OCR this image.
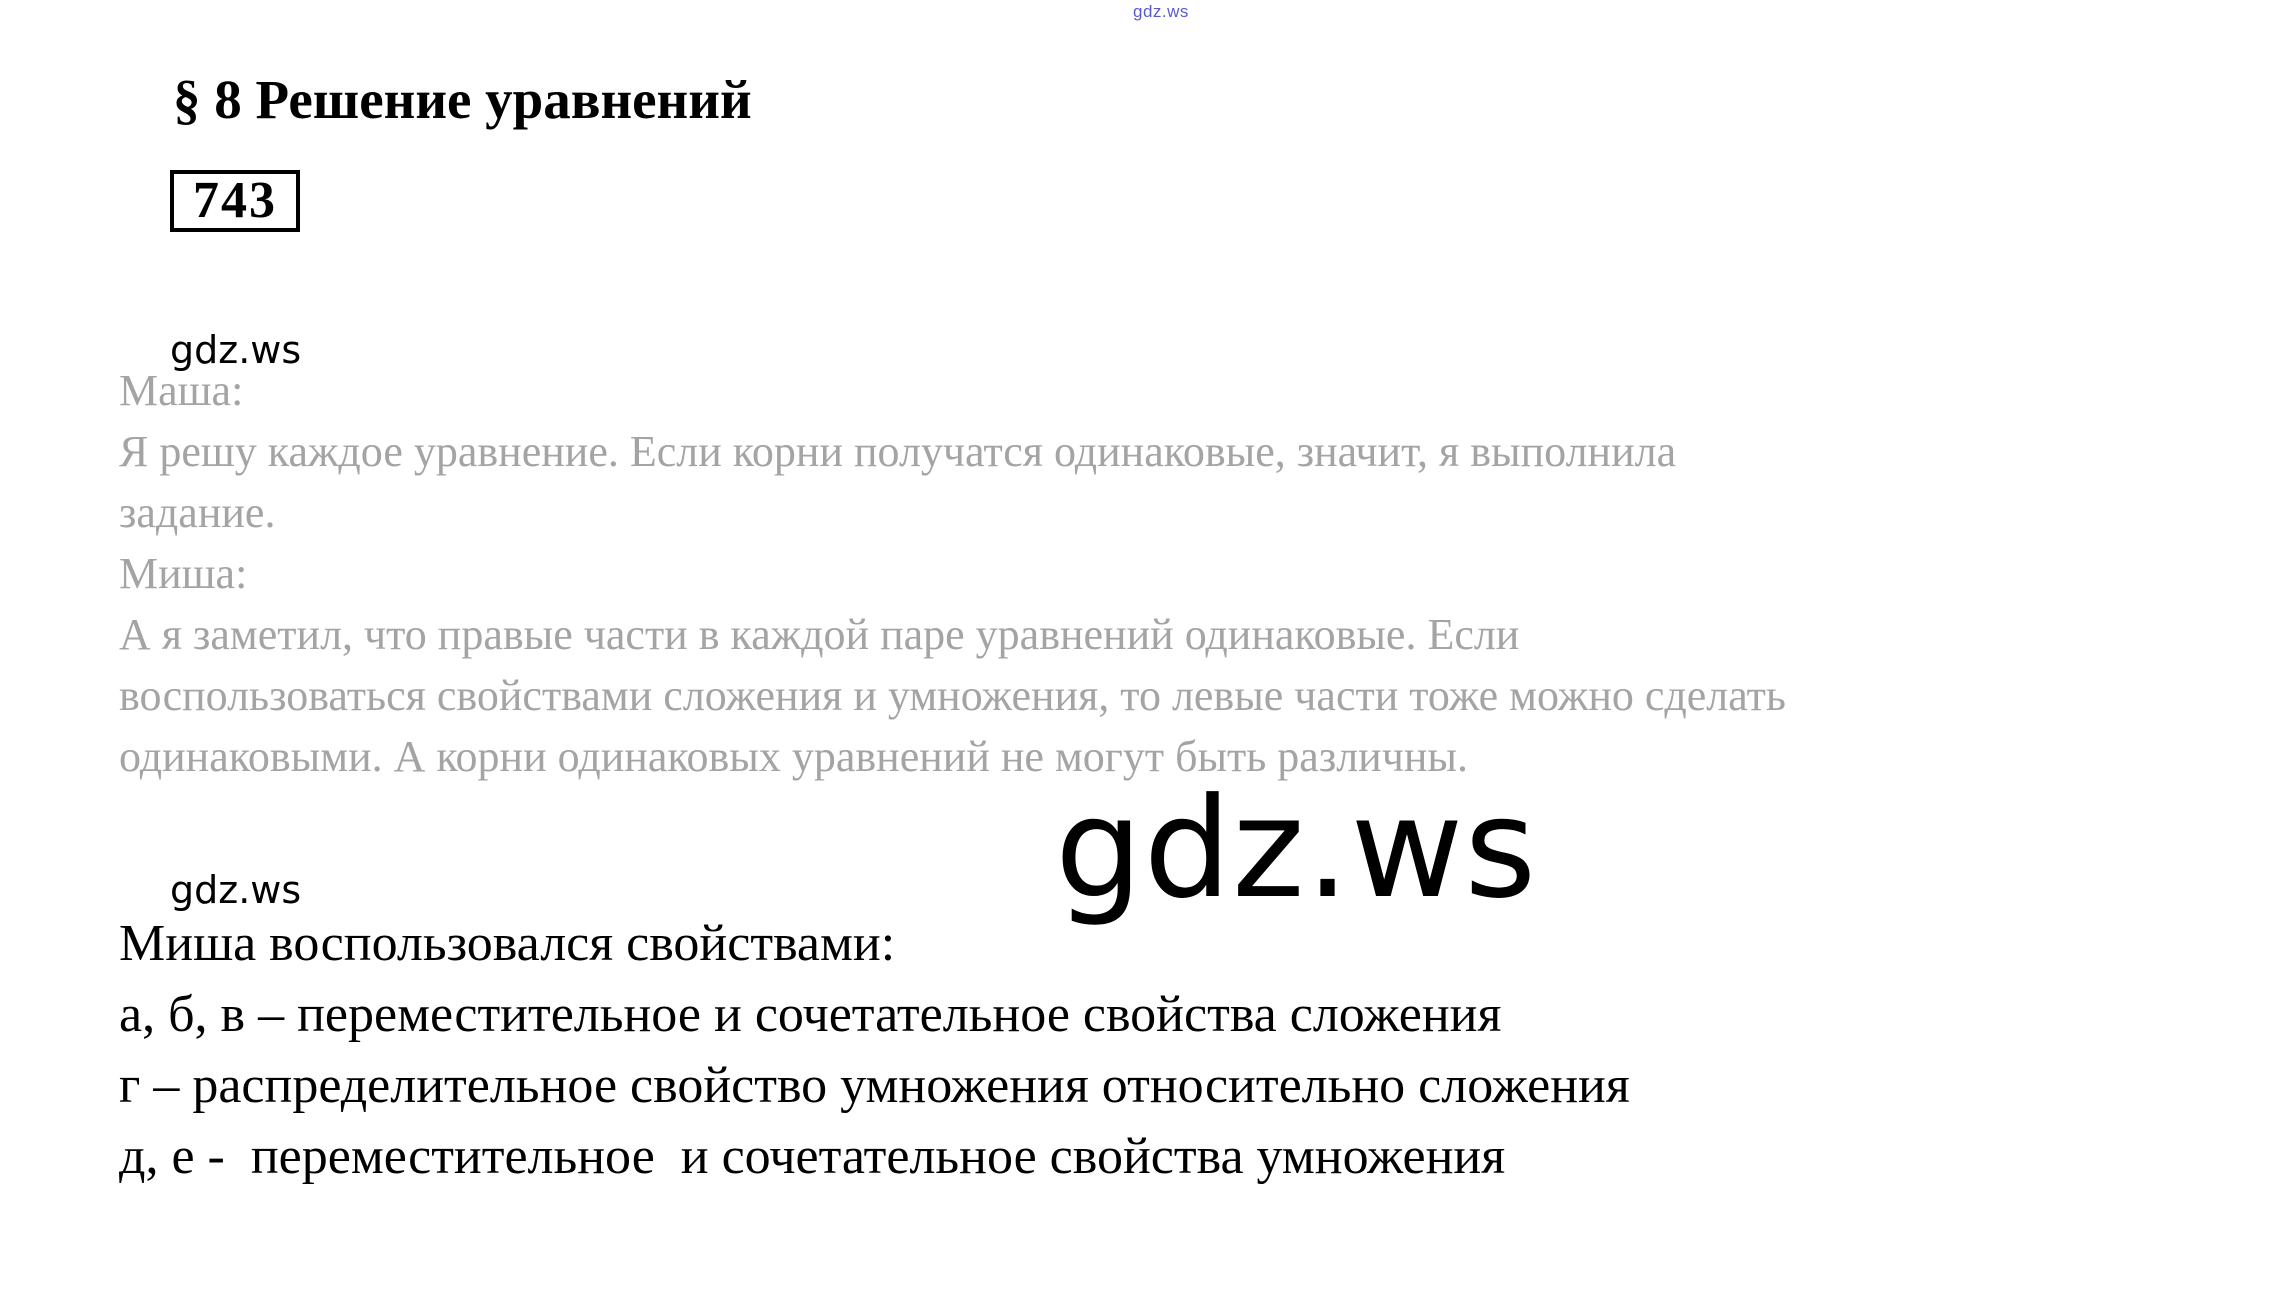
gdz.ws
§ 8 Решение уравнений
743
gdz.ws
Маша:
Я решу каждое уравнение. Если корни получатся одинаковые, значит, я выполнила
задание.
Миша:
А я заметил, что правые части в каждой паре уравнений одинаковые. Если
воспользоваться свойствами сложения и умножения, то левые части тоже можно сделать
одинаковыми. А корни одинаковых уравнений не могут быть различны.
gdz.ws
gdz.ws
Миша воспользовался свойствами:
а, б, в – переместительное и сочетательное свойства сложения
г – распределительное свойство умножения относительно сложения
д, е -  переместительное  и сочетательное свойства умножения
